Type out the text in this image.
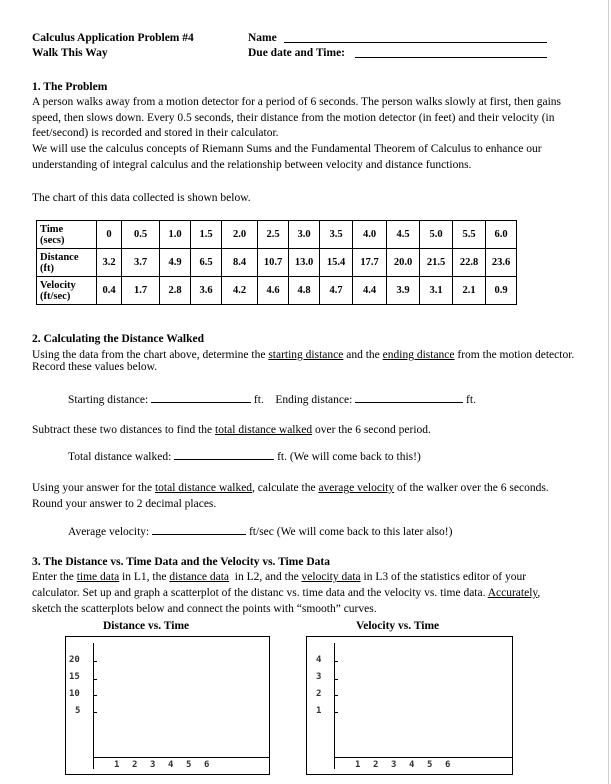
Calculus Application Problem #4
Walk This Way
Name
Due date and Time:
1. The Problem

A person walks away from a motion detector for a period of 6 seconds. The person walks slowly at first, then gains speed, then slows down. Every 0.5 seconds, their distance from the motion detector (in feet) and their velocity (in feet/second) is recorded and stored in their calculator.

We will use the calculus concepts of Riemann Sums and the Fundamental Theorem of Calculus to enhance our understanding of integral calculus and the relationship between velocity and distance functions.

The chart of this data collected is shown below.
Time
(secs)	0	0.5	1.0	1.5	2.0	2.5	3.0	3.5	4.0	4.5	5.0	5.5	6.0

Distance
(ft)	3.2	3.7	4.9	6.5	8.4	10.7	13.0	15.4	17.7	20.0	21.5	22.8	23.6

Velocity
(ft/sec)	0.4	1.7	2.8	3.6	4.2	4.6	4.8	4.7	4.4	3.9	3.1	2.1	0.9
2. Calculating the Distance Walked
Using the data from the chart above, determine the starting distance and the ending distance from the motion detector. Record these values below.
Starting distance:	ft. Ending distance:	ft.
Subtract these two distances to find the total distance walked over the 6 second period.
Total distance walked:	ft. (We will come back to this!)
Using your answer for the total distance walked, calculate the average velocity of the walker over the 6 seconds.
Round your answer to 2 decimal places.
Average velocity:	ft/sec (We will come back to this later also!)
3. The Distance vs. Time Data and the Velocity vs. Time Data
Enter the time data in L1, the distance data  in L2, and the velocity data in L3 of the statistics editor of your
calculator. Set up and graph a scatterplot of the distanc vs. time data and the velocity vs. time data. Accurately,
sketch the scatterplots below and connect the points with “smooth” curves.
Distance vs. Time	Velocity vs. Time
20
15
10
5
1 2 3 4 5 6
4
3
2
1
1 2 3 4 5 6
